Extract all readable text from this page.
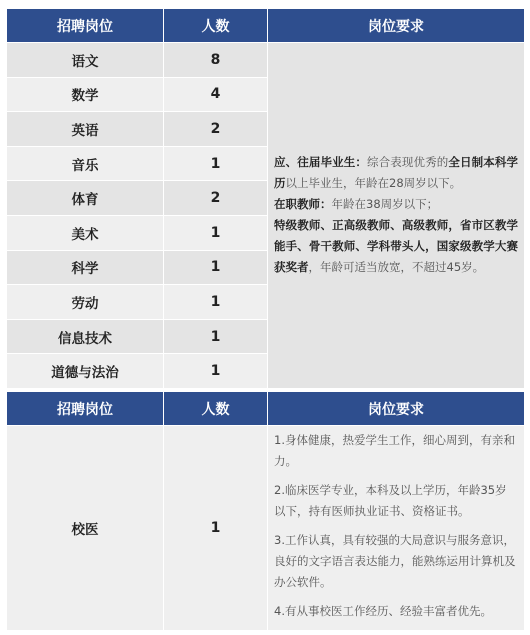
招聘岗位	人数	岗位要求
语文	8	应、往届毕业生：综合表现优秀的全日制本科学历以上毕业生，年龄在28周岁以下。
在职教师：年龄在38周岁以下；
特级教师、正高级教师、高级教师，省市区教学能手、骨干教师、学科带头人，国家级教学大赛获奖者，年龄可适当放宽，不超过45岁。
数学	4	
英语	2	
音乐	1	
体育	2	
美术	1	
科学	1	
劳动	1	
信息技术	1	
道德与法治	1	
招聘岗位	人数	岗位要求
校医	1	1.身体健康，热爱学生工作，细心周到，有亲和力。

2.临床医学专业，本科及以上学历，年龄35岁以下，持有医师执业证书、资格证书。

3.工作认真，具有较强的大局意识与服务意识，良好的文字语言表达能力，能熟练运用计算机及办公软件。

4.有从事校医工作经历、经验丰富者优先。
